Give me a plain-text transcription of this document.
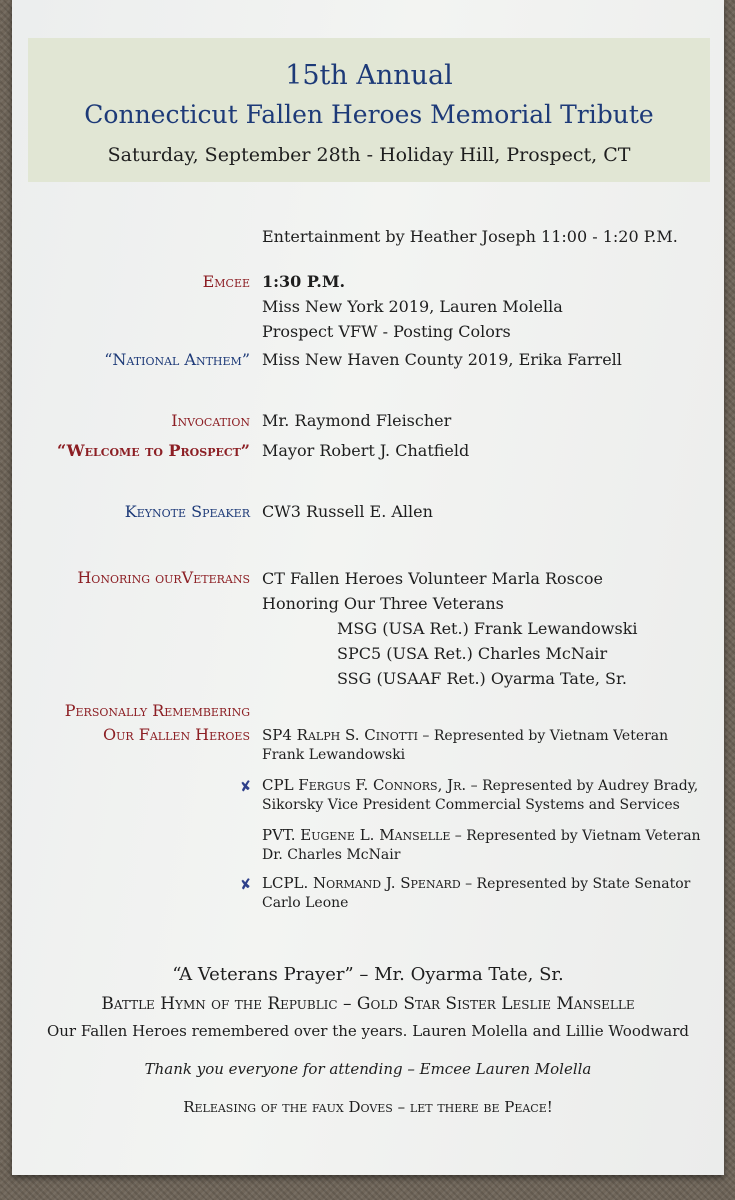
15th Annual
Connecticut Fallen Heroes Memorial Tribute
Saturday, September 28th - Holiday Hill, Prospect, CT
Entertainment by Heather Joseph 11:00 - 1:20 P.M.
Emcee 1:30 P.M.
Miss New York 2019, Lauren Molella
Prospect VFW - Posting Colors
“National Anthem” Miss New Haven County 2019, Erika Farrell
Invocation Mr. Raymond Fleischer
“Welcome to Prospect” Mayor Robert J. Chatfield
Keynote Speaker CW3 Russell E. Allen
Honoring ourVeterans CT Fallen Heroes Volunteer Marla Roscoe
Honoring Our Three Veterans
MSG (USA Ret.) Frank Lewandowski
SPC5 (USA Ret.) Charles McNair
SSG (USAAF Ret.) Oyarma Tate, Sr.
Personally Remembering
Our Fallen Heroes SP4 Ralph S. Cinotti – Represented by Vietnam Veteran
Frank Lewandowski
✘ CPL Fergus F. Connors, Jr. – Represented by Audrey Brady,
Sikorsky Vice President Commercial Systems and Services
PVT. Eugene L. Manselle – Represented by Vietnam Veteran
Dr. Charles McNair
✘ LCPL. Normand J. Spenard – Represented by State Senator
Carlo Leone
“A Veterans Prayer” – Mr. Oyarma Tate, Sr.
Battle Hymn of the Republic – Gold Star Sister Leslie Manselle
Our Fallen Heroes remembered over the years. Lauren Molella and Lillie Woodward
Thank you everyone for attending – Emcee Lauren Molella
Releasing of the faux Doves – let there be Peace!
